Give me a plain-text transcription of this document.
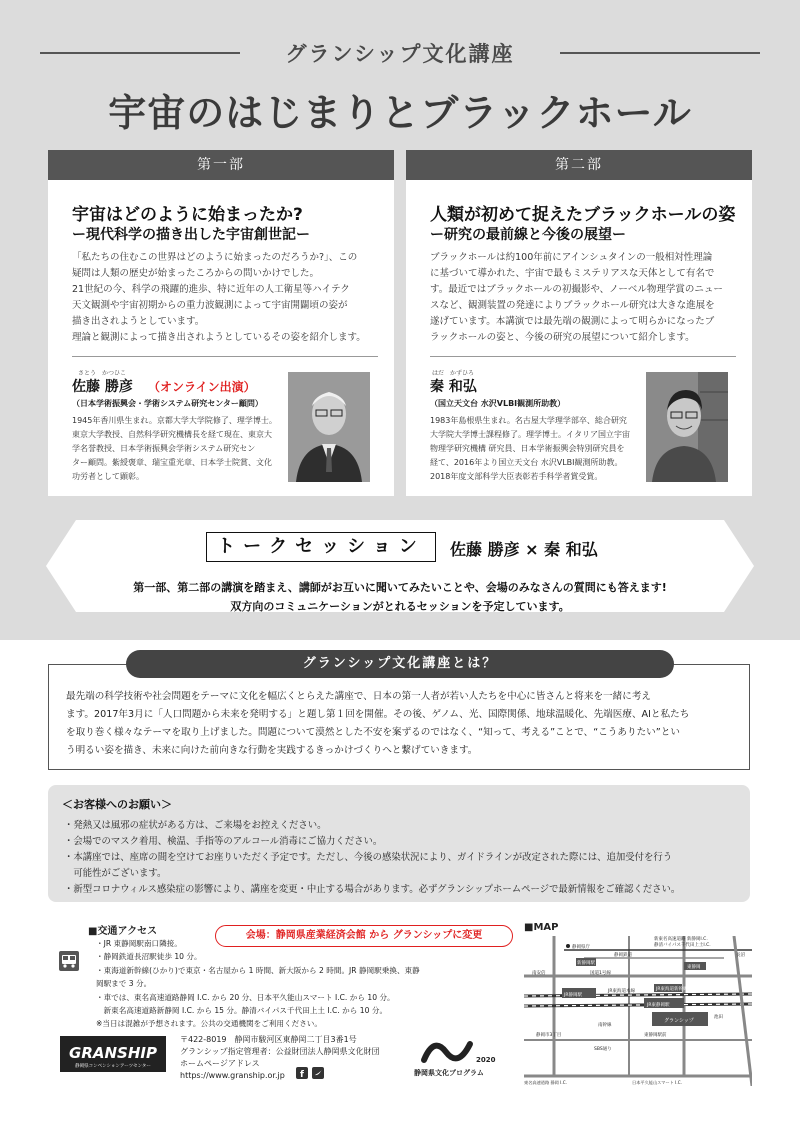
グランシップ文化講座
宇宙のはじまりとブラックホール
第一部
宇宙はどのように始まったか?
ー現代科学の描き出した宇宙創世記ー
「私たちの住むこの世界はどのように始まったのだろうか?」、この
疑問は人類の歴史が始まったころからの問いかけでした。
21世紀の今、科学の飛躍的進歩、特に近年の人工衛星等ハイテク
天文観測や宇宙初期からの重力波観測によって宇宙開闢頃の姿が
描き出されようとしています。
理論と観測によって描き出されようとしているその姿を紹介します。
さとう　かつひこ
佐藤 勝彦 （オンライン出演）
（日本学術振興会・学術システム研究センター顧問）
1945年香川県生まれ。京都大学大学院修了、理学博士。
東京大学教授、自然科学研究機構長を経て現在、東京大
学名誉教授、日本学術振興会学術システム研究セン
ター顧問。紫綬褒章、瑞宝重光章、日本学士院賞、文化
功労者として顕彰。
第二部
人類が初めて捉えたブラックホールの姿
ー研究の最前線と今後の展望ー
ブラックホールは約100年前にアインシュタインの一般相対性理論
に基づいて導かれた、宇宙で最もミステリアスな天体として有名で
す。最近ではブラックホールの初撮影や、ノーベル物理学賞のニュー
スなど、観測装置の発達によりブラックホール研究は大きな進展を
遂げています。本講演では最先端の観測によって明らかになったブ
ラックホールの姿と、今後の研究の展望について紹介します。
はだ　かずひろ
秦 和弘
（国立天文台 水沢VLBI観測所助教）
1983年島根県生まれ。名古屋大学理学部卒、総合研究
大学院大学博士課程修了。理学博士。イタリア国立宇宙
物理学研究機構 研究員、日本学術振興会特別研究員を
経て、2016年より国立天文台 水沢VLBI観測所助教。
2018年度文部科学大臣表彰若手科学者賞受賞。
トークセッション	佐藤 勝彦 × 秦 和弘
第一部、第二部の講演を踏まえ、講師がお互いに聞いてみたいことや、会場のみなさんの質問にも答えます!
双方向のコミュニケーションがとれるセッションを予定しています。
グランシップ文化講座とは？
最先端の科学技術や社会問題をテーマに文化を幅広くとらえた講座で、日本の第一人者が若い人たちを中心に皆さんと将来を一緒に考え
ます。2017年3月に「人口問題から未来を発明する」と題し第１回を開催。その後、ゲノム、光、国際関係、地球温暖化、先端医療、AIと私たち
を取り巻く様々なテーマを取り上げました。問題について漠然とした不安を案ずるのではなく、“知って、考える”ことで、“こうありたい”とい
う明るい姿を描き、未来に向けた前向きな行動を実践するきっかけづくりへと繋げていきます。
＜お客様へのお願い＞
・発熱又は風邪の症状がある方は、ご来場をお控えください。
・会場でのマスク着用、検温、手指等のアルコール消毒にご協力ください。
・本講座では、座席の間を空けてお座りいただく予定です。ただし、今後の感染状況により、ガイドラインが改定された際には、追加受付を行う
　可能性がございます。
・新型コロナウィルス感染症の影響により、講座を変更・中止する場合があります。必ずグランシップホームページで最新情報をご確認ください。
■交通アクセス	会場：静岡県産業経済会館 から グランシップに変更
・JR 東静岡駅南口隣接。
・静岡鉄道長沼駅徒歩 10 分。
・東海道新幹線(ひかり)で東京・名古屋から 1 時間、新大阪から 2 時間。JR 静岡駅乗換、東静岡駅まで 3 分。
・車では、東名高速道路静岡 I.C. から 20 分、日本平久能山スマート I.C. から 10 分。
　新東名高速道路新静岡 I.C. から 15 分。静清バイパス千代田上土 I.C. から 10 分。
※当日は混雑が予想されます。公共の交通機関をご利用ください。
■MAP
新東名高速道路 新静岡I.C.
静清バイパス千代田上土I.C.
長沼
静岡県庁
静岡鉄道
新静岡駅
東静岡
南安倍	国道1号線
JR静岡駅
JR東海道本線	JR東海道新幹線
JR東静岡駅
グランシップ
池田
東静岡駅前
静岡市3丁目
南幹線
SBS通り
東名高速道路 静岡 I.C.	日本平久能山スマート I.C.
GRANSHIP
静岡県コンベンションアーツセンター
〒422-8019　静岡市駿河区東静岡二丁目3番1号
グランシップ指定管理者：公益財団法人静岡県文化財団
ホームページアドレス
https://www.granship.or.jp	f
2020
静岡県文化プログラム
